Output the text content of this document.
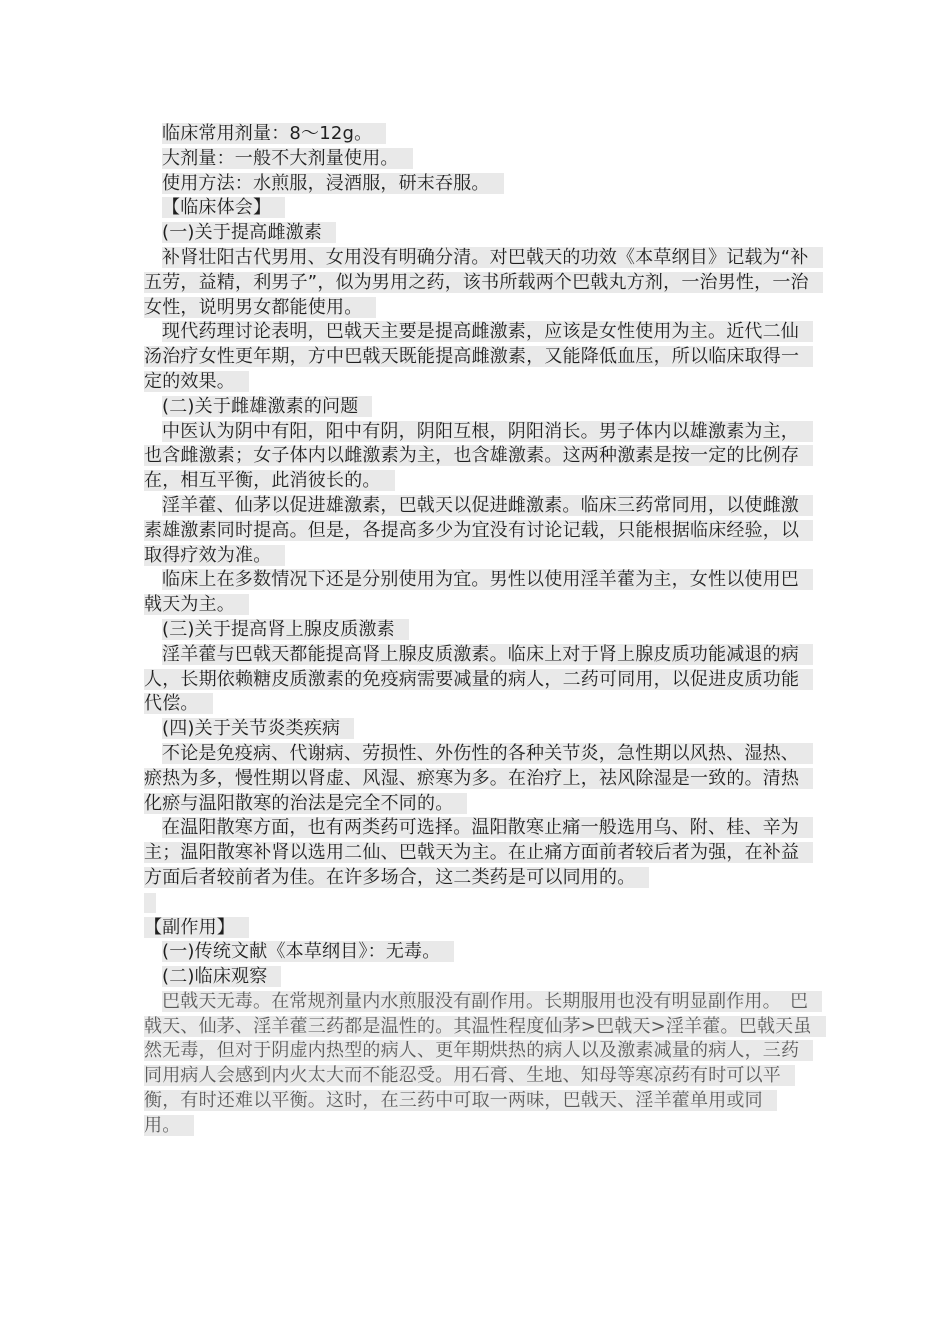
临床常用剂量：8～12g。

大剂量：一般不大剂量使用。

使用方法：水煎服，浸酒服，研末吞服。

【临床体会】

(一)关于提高雌激素

补肾壮阳古代男用、女用没有明确分清。对巴戟天的功效《本草纲目》记载为“补五劳，益精，利男子”，似为男用之药，该书所载两个巴戟丸方剂，一治男性，一治女性，说明男女都能使用。

现代药理讨论表明，巴戟天主要是提高雌激素，应该是女性使用为主。近代二仙汤治疗女性更年期，方中巴戟天既能提高雌激素，又能降低血压，所以临床取得一定的效果。

(二)关于雌雄激素的问题

中医认为阴中有阳，阳中有阴，阴阳互根，阴阳消长。男子体内以雄激素为主，也含雌激素；女子体内以雌激素为主，也含雄激素。这两种激素是按一定的比例存在，相互平衡，此消彼长的。

淫羊藿、仙茅以促进雄激素，巴戟天以促进雌激素。临床三药常同用，以使雌激素雄激素同时提高。但是，各提高多少为宜没有讨论记载，只能根据临床经验，以取得疗效为准。

临床上在多数情况下还是分别使用为宜。男性以使用淫羊藿为主，女性以使用巴戟天为主。

(三)关于提高肾上腺皮质激素

淫羊藿与巴戟天都能提高肾上腺皮质激素。临床上对于肾上腺皮质功能减退的病人，长期依赖糖皮质激素的免疫病需要减量的病人，二药可同用，以促进皮质功能代偿。

(四)关于关节炎类疾病

不论是免疫病、代谢病、劳损性、外伤性的各种关节炎，急性期以风热、湿热、瘀热为多，慢性期以肾虚、风湿、瘀寒为多。在治疗上，祛风除湿是一致的。清热化瘀与温阳散寒的治法是完全不同的。

在温阳散寒方面，也有两类药可选择。温阳散寒止痛一般选用乌、附、桂、辛为主；温阳散寒补肾以选用二仙、巴戟天为主。在止痛方面前者较后者为强，在补益方面后者较前者为佳。在许多场合，这二类药是可以同用的。

【副作用】

(一)传统文献《本草纲目》：无毒。

(二)临床观察

巴戟天无毒。在常规剂量内水煎服没有副作用。长期服用也没有明显副作用。　巴戟天、仙茅、淫羊藿三药都是温性的。其温性程度仙茅>巴戟天>淫羊藿。巴戟天虽然无毒，但对于阴虚内热型的病人、更年期烘热的病人以及激素减量的病人，三药同用病人会感到内火太大而不能忍受。用石膏、生地、知母等寒凉药有时可以平衡，有时还难以平衡。这时，在三药中可取一两味，巴戟天、淫羊藿单用或同用。
